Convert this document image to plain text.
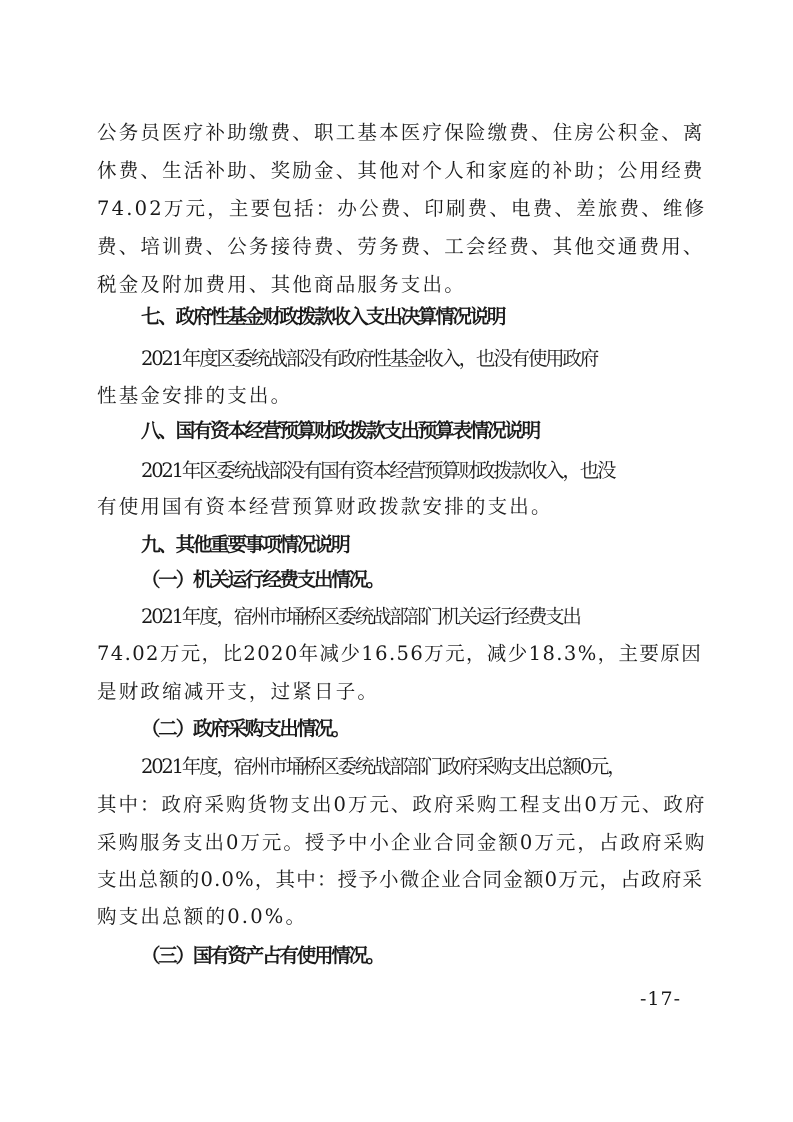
公务员医疗补助缴费、职工基本医疗保险缴费、住房公积金、离
休费、生活补助、奖励金、其他对个人和家庭的补助；公用经费
74.02万元，主要包括：办公费、印刷费、电费、差旅费、维修
费、培训费、公务接待费、劳务费、工会经费、其他交通费用、
税金及附加费用、其他商品服务支出。
七、政府性基金财政拨款收入支出决算情况说明
2021年度区委统战部没有政府性基金收入，也没有使用政府
性基金安排的支出。
八、国有资本经营预算财政拨款支出预算表情况说明
2021年区委统战部没有国有资本经营预算财政拨款收入，也没
有使用国有资本经营预算财政拨款安排的支出。
九、其他重要事项情况说明
（一）机关运行经费支出情况。
2021年度，宿州市埇桥区委统战部部门机关运行经费支出
74.02万元，比2020年减少16.56万元，减少18.3%，主要原因
是财政缩减开支，过紧日子。
（二）政府采购支出情况。
2021年度，宿州市埇桥区委统战部部门政府采购支出总额0元，
其中：政府采购货物支出0万元、政府采购工程支出0万元、政府
采购服务支出0万元。授予中小企业合同金额0万元，占政府采购
支出总额的0.0%，其中：授予小微企业合同金额0万元，占政府采
购支出总额的0.0%。
（三）国有资产占有使用情况。
-17-
